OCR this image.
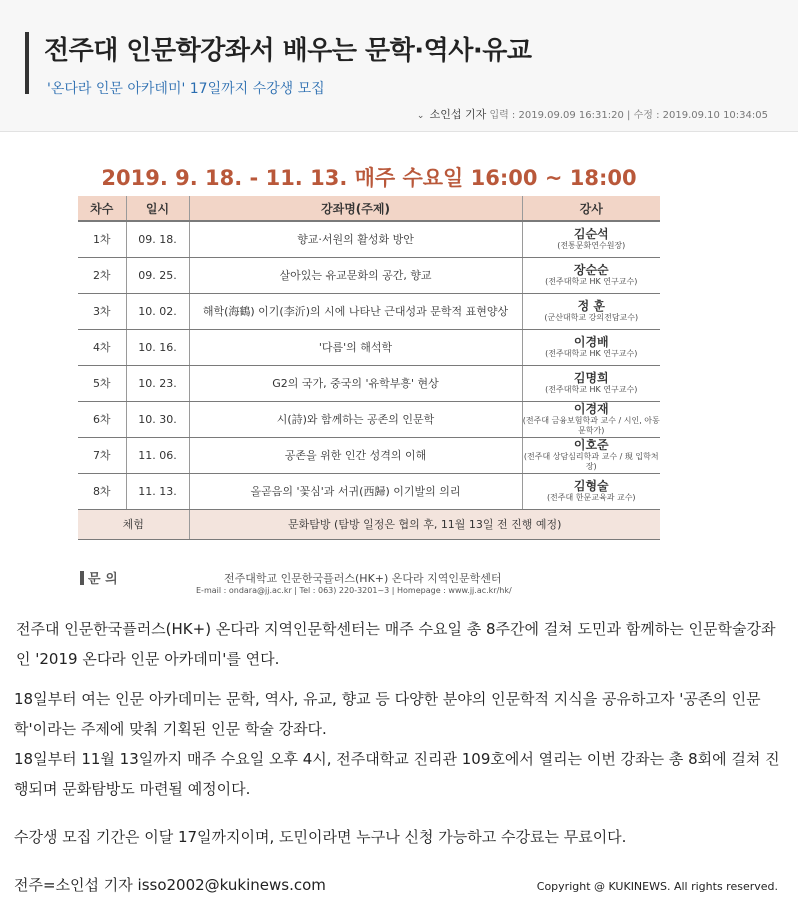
전주대 인문학강좌서 배우는 문학·역사·유교
'온다라 인문 아카데미' 17일까지 수강생 모집
⌄ 소인섭 기자 입력 : 2019.09.09 16:31:20 | 수정 : 2019.09.10 10:34:05
2019. 9. 18. - 11. 13. 매주 수요일 16:00 ~ 18:00
차수	일시	강좌명(주제)	강사
1차	09. 18.	향교·서원의 활성화 방안	김순석
(전통문화연수원장)

2차	09. 25.	살아있는 유교문화의 공간, 향교	장순순
(전주대학교 HK 연구교수)

3차	10. 02.	해학(海鶴) 이기(李沂)의 시에 나타난 근대성과 문학적 표현양상	정 훈
(군산대학교 강의전담교수)

4차	10. 16.	'다름'의 해석학	이경배
(전주대학교 HK 연구교수)

5차	10. 23.	G2의 국가, 중국의 '유학부흥' 현상	김명희
(전주대학교 HK 연구교수)

6차	10. 30.	시(詩)와 함께하는 공존의 인문학	이경재
(전주대 금융보험학과 교수 / 시인, 아동문학가)

7차	11. 06.	공존을 위한 인간 성격의 이해	이호준
(전주대 상담심리학과 교수 / 現 입학처장)

8차	11. 13.	올곧음의 '꽃심'과 서귀(西歸) 이기발의 의리	김형술
(전주대 한문교육과 교수)

체험		문화탐방 (탐방 일정은 협의 후, 11월 13일 전 진행 예정)	
문 의	전주대학교 인문한국플러스(HK+) 온다라 지역인문학센터
E-mail : ondara@jj.ac.kr | Tel : 063) 220-3201~3 | Homepage : www.jj.ac.kr/hk/
전주대 인문한국플러스(HK+) 온다라 지역인문학센터는 매주 수요일 총 8주간에 걸쳐 도민과 함께하는 인문학술강좌인 '2019 온다라 인문 아카데미'를 연다.
18일부터 여는 인문 아카데미는 문학, 역사, 유교, 향교 등 다양한 분야의 인문학적 지식을 공유하고자 '공존의 인문학'이라는 주제에 맞춰 기획된 인문 학술 강좌다.
18일부터 11월 13일까지 매주 수요일 오후 4시, 전주대학교 진리관 109호에서 열리는 이번 강좌는 총 8회에 걸쳐 진행되며 문화탐방도 마련될 예정이다.
수강생 모집 기간은 이달 17일까지이며, 도민이라면 누구나 신청 가능하고 수강료는 무료이다.
전주=소인섭 기자 isso2002@kukinews.com	Copyright @ KUKINEWS. All rights reserved.
